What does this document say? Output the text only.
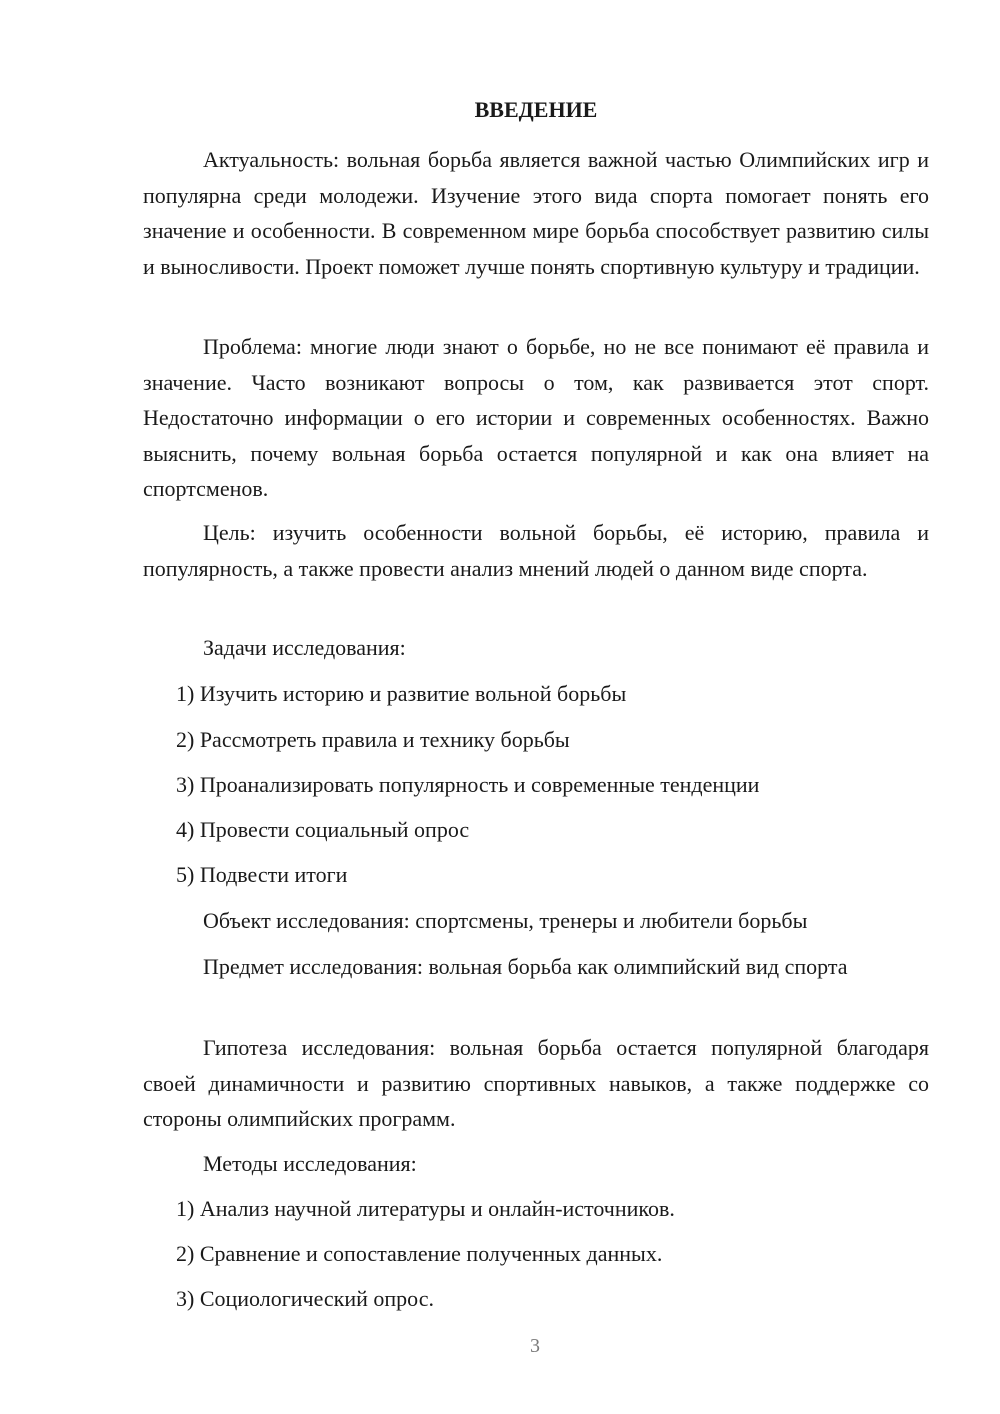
ВВЕДЕНИЕ

Актуальность: вольная борьба является важной частью Олимпийских игр и популярна среди молодежи. Изучение этого вида спорта помогает понять его значение и особенности. В современном мире борьба способствует развитию силы и выносливости. Проект поможет лучше понять спортивную культуру и традиции.

Проблема: многие люди знают о борьбе, но не все понимают её правила и значение. Часто возникают вопросы о том, как развивается этот спорт. Недостаточно информации о его истории и современных особенностях. Важно выяснить, почему вольная борьба остается популярной и как она влияет на спортсменов.

Цель: изучить особенности вольной борьбы, её историю, правила и популярность, а также провести анализ мнений людей о данном виде спорта.

Задачи исследования:

1) Изучить историю и развитие вольной борьбы

2) Рассмотреть правила и технику борьбы

3) Проанализировать популярность и современные тенденции

4) Провести социальный опрос

5) Подвести итоги

Объект исследования: спортсмены, тренеры и любители борьбы

Предмет исследования: вольная борьба как олимпийский вид спорта

Гипотеза исследования: вольная борьба остается популярной благодаря своей динамичности и развитию спортивных навыков, а также поддержке со стороны олимпийских программ.

Методы исследования:

1) Анализ научной литературы и онлайн-источников.

2) Сравнение и сопоставление полученных данных.

3) Социологический опрос.

3
